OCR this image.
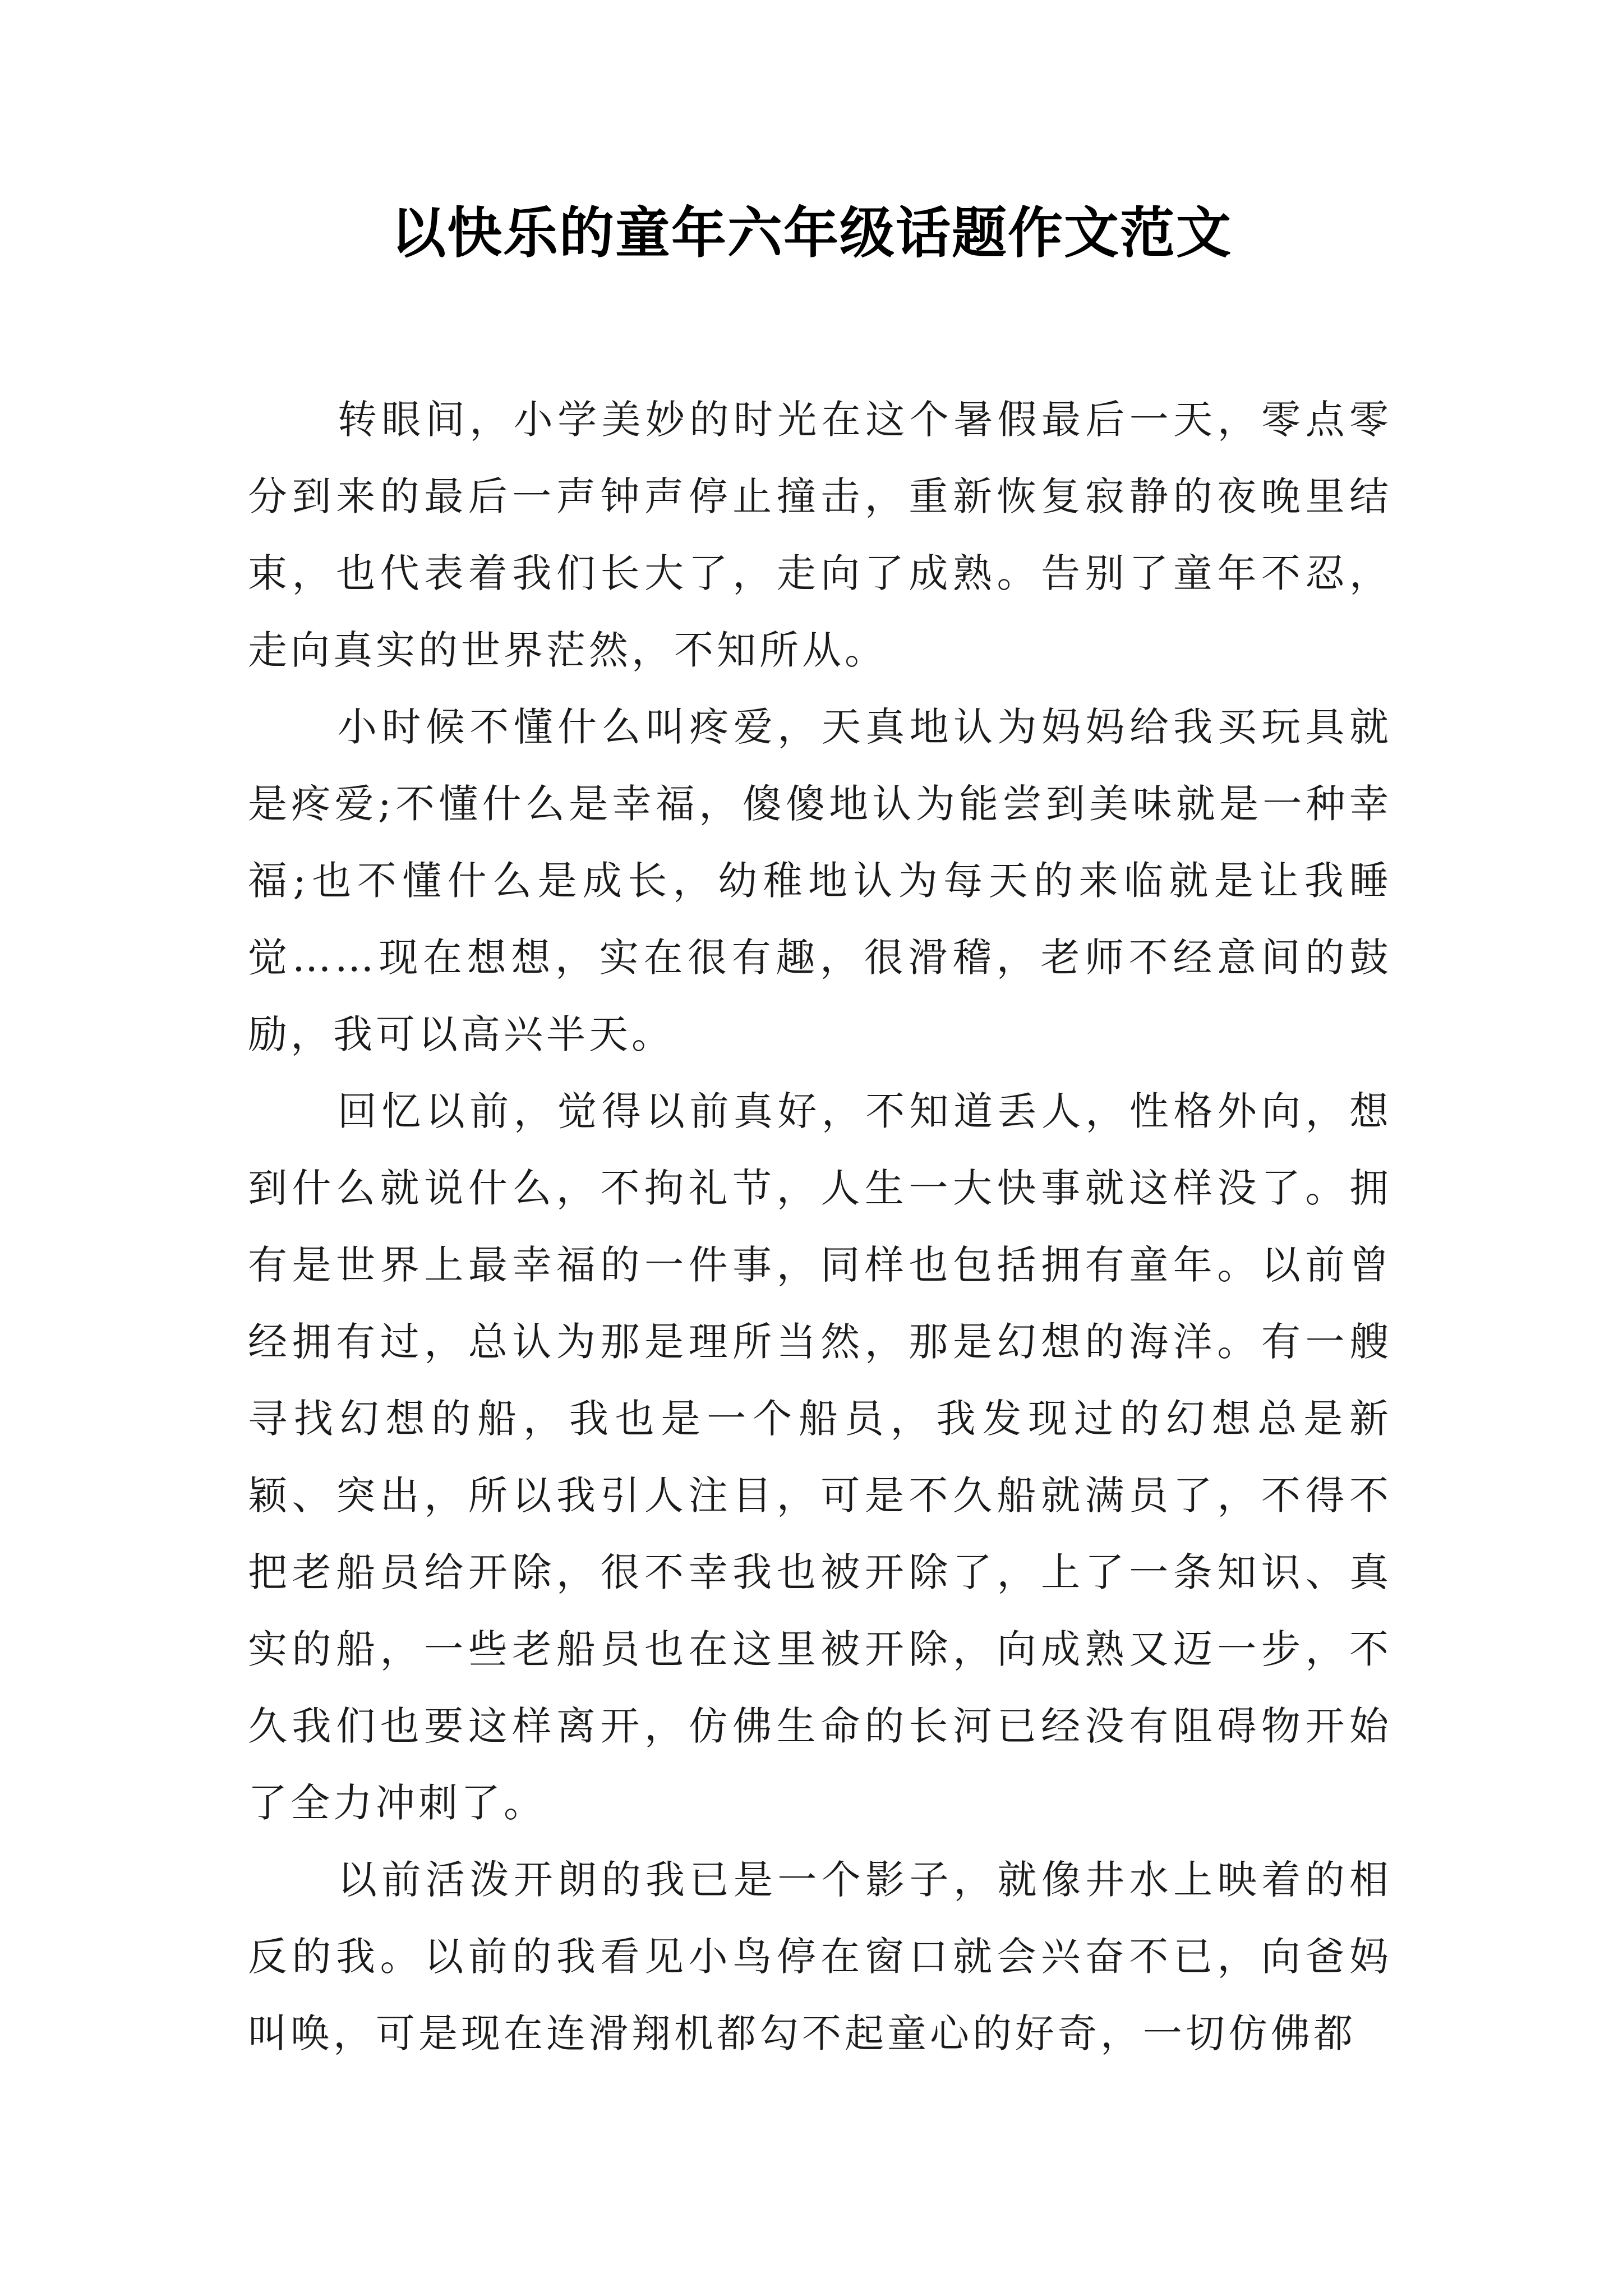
以快乐的童年六年级话题作文范文

转眼间，小学美妙的时光在这个暑假最后一天，零点零分到来的最后一声钟声停止撞击，重新恢复寂静的夜晚里结束，也代表着我们长大了，走向了成熟。告别了童年不忍，走向真实的世界茫然，不知所从。

小时候不懂什么叫疼爱，天真地认为妈妈给我买玩具就是疼爱;不懂什么是幸福，傻傻地认为能尝到美味就是一种幸福;也不懂什么是成长，幼稚地认为每天的来临就是让我睡觉……现在想想，实在很有趣，很滑稽，老师不经意间的鼓励，我可以高兴半天。

回忆以前，觉得以前真好，不知道丢人，性格外向，想到什么就说什么，不拘礼节，人生一大快事就这样没了。拥有是世界上最幸福的一件事，同样也包括拥有童年。以前曾经拥有过，总认为那是理所当然，那是幻想的海洋。有一艘寻找幻想的船，我也是一个船员，我发现过的幻想总是新颖、突出，所以我引人注目，可是不久船就满员了，不得不把老船员给开除，很不幸我也被开除了，上了一条知识、真实的船，一些老船员也在这里被开除，向成熟又迈一步，不久我们也要这样离开，仿佛生命的长河已经没有阻碍物开始了全力冲刺了。

以前活泼开朗的我已是一个影子，就像井水上映着的相反的我。以前的我看见小鸟停在窗口就会兴奋不已，向爸妈叫唤，可是现在连滑翔机都勾不起童心的好奇，一切仿佛都
